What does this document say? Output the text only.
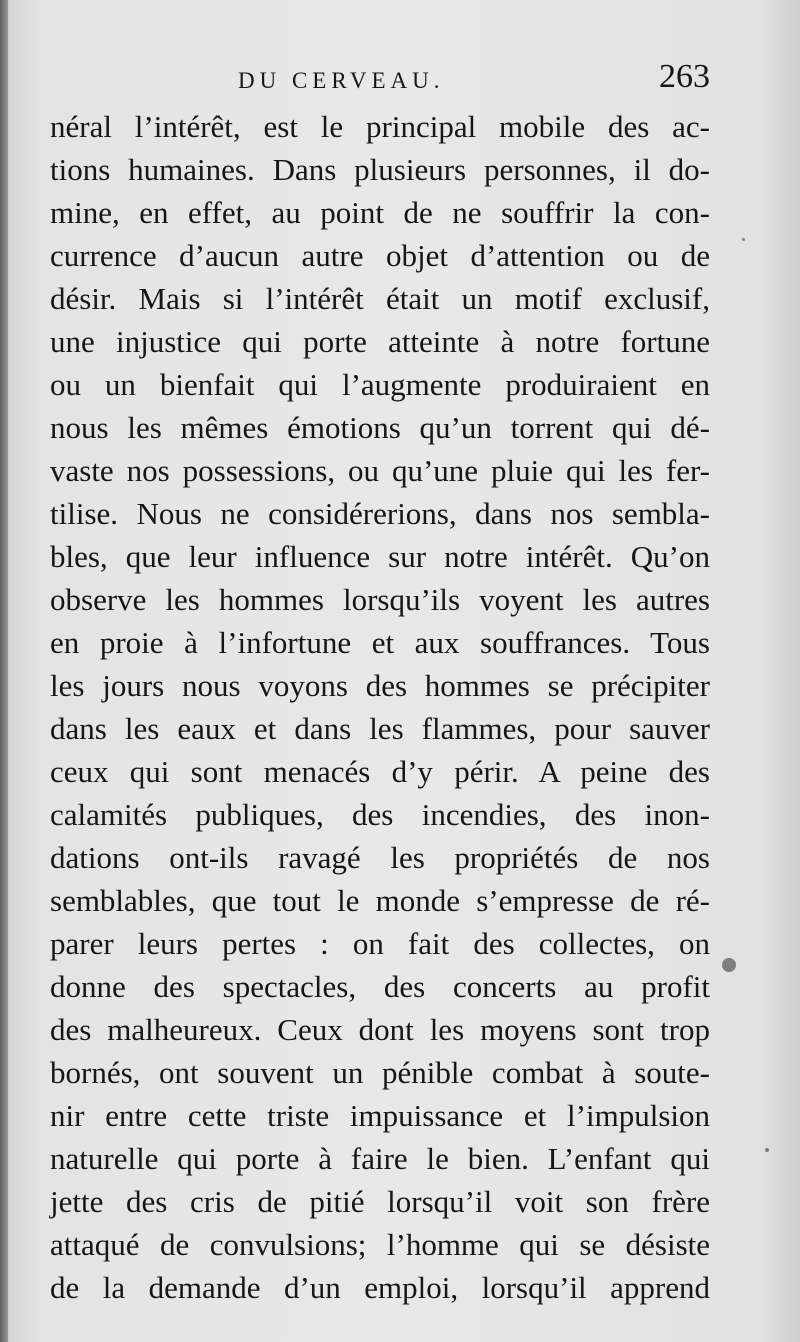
DU CERVEAU.	263
néral l’intérêt, est le principal mobile des ac-
tions humaines. Dans plusieurs personnes, il do-
mine, en effet, au point de ne souffrir la con-
currence d’aucun autre objet d’attention ou de
désir. Mais si l’intérêt était un motif exclusif,
une injustice qui porte atteinte à notre fortune
ou un bienfait qui l’augmente produiraient en
nous les mêmes émotions qu’un torrent qui dé-
vaste nos possessions, ou qu’une pluie qui les fer-
tilise. Nous ne considérerions, dans nos sembla-
bles, que leur influence sur notre intérêt. Qu’on
observe les hommes lorsqu’ils voyent les autres
en proie à l’infortune et aux souffrances. Tous
les jours nous voyons des hommes se précipiter
dans les eaux et dans les flammes, pour sauver
ceux qui sont menacés d’y périr. A peine des
calamités publiques, des incendies, des inon-
dations ont-ils ravagé les propriétés de nos
semblables, que tout le monde s’empresse de ré-
parer leurs pertes : on fait des collectes, on
donne des spectacles, des concerts au profit
des malheureux. Ceux dont les moyens sont trop
bornés, ont souvent un pénible combat à soute-
nir entre cette triste impuissance et l’impulsion
naturelle qui porte à faire le bien. L’enfant qui
jette des cris de pitié lorsqu’il voit son frère
attaqué de convulsions; l’homme qui se désiste
de la demande d’un emploi, lorsqu’il apprend
